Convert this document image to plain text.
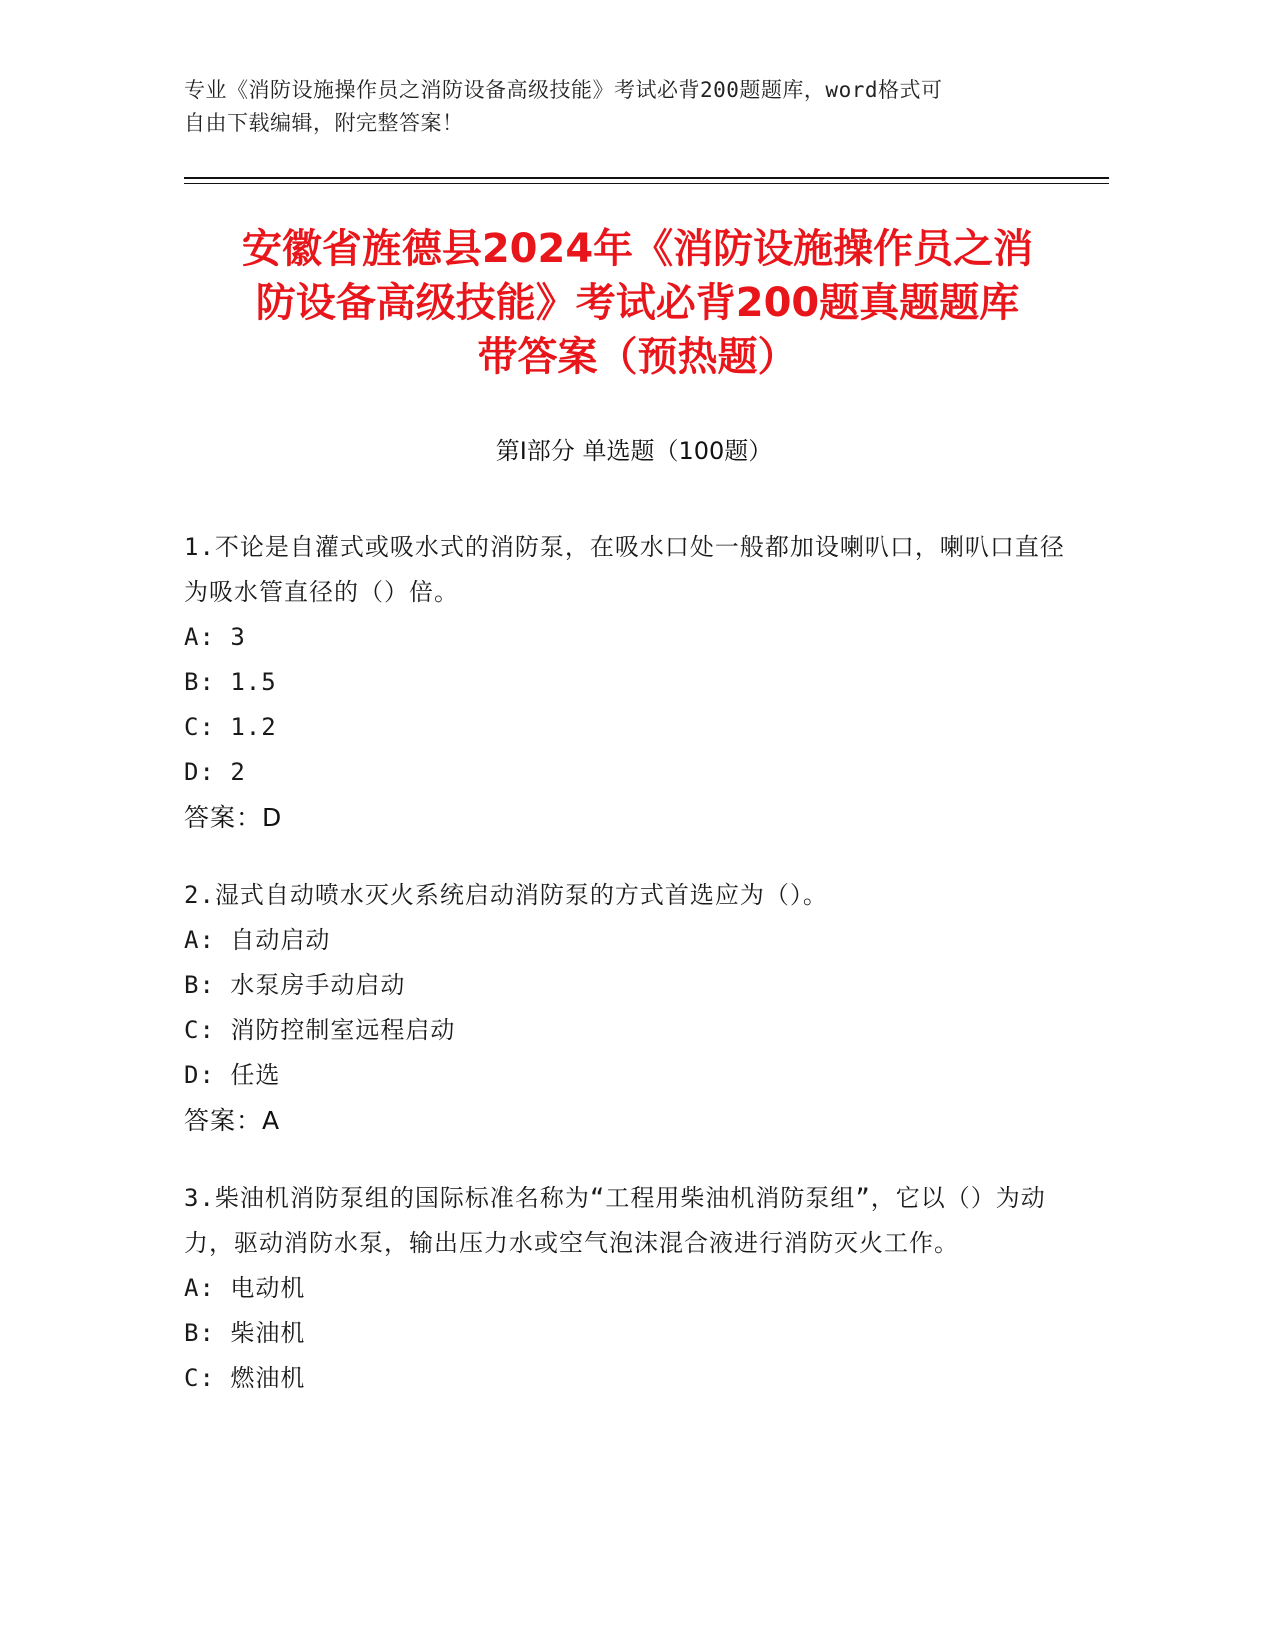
专业《消防设施操作员之消防设备高级技能》考试必背200题题库，word格式可
自由下载编辑，附完整答案！
安徽省旌德县2024年《消防设施操作员之消
防设备高级技能》考试必背200题真题题库
带答案（预热题）
第Ⅰ部分 单选题（100题）

1.不论是自灌式或吸水式的消防泵，在吸水口处一般都加设喇叭口，喇叭口直径为吸水管直径的（）倍。

A: 3

B: 1.5

C: 1.2

D: 2

答案：D

2.湿式自动喷水灭火系统启动消防泵的方式首选应为（）。

A: 自动启动

B: 水泵房手动启动

C: 消防控制室远程启动

D: 任选

答案：A

3.柴油机消防泵组的国际标准名称为“工程用柴油机消防泵组”，它以（）为动力，驱动消防水泵，输出压力水或空气泡沫混合液进行消防灭火工作。

A: 电动机

B: 柴油机

C: 燃油机
